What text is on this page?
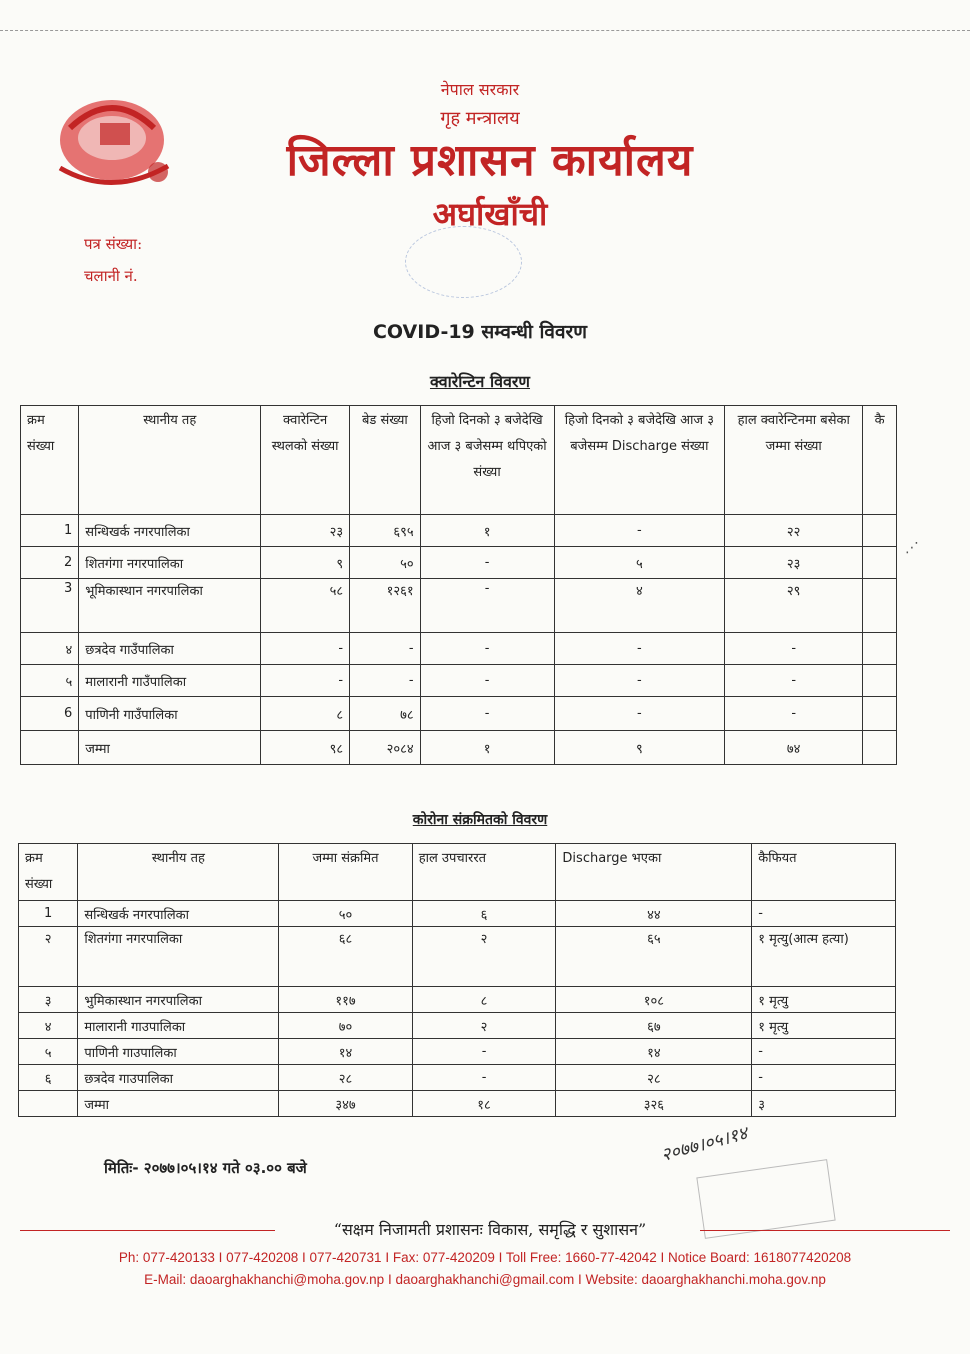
नेपाल सरकार
गृह मन्त्रालय
जिल्ला प्रशासन कार्यालय
अर्घाखाँची
पत्र संख्या:
चलानी नं.
COVID-19 सम्वन्धी विवरण
क्वारेन्टिन विवरण
क्रम संख्या	स्थानीय तह	क्वारेन्टिन स्थलको संख्या	बेड संख्या	हिजो दिनको ३ बजेदेखि आज ३ बजेसम्म थपिएको संख्या	हिजो दिनको ३ बजेदेखि आज ३ बजेसम्म Discharge संख्या	हाल क्वारेन्टिनमा बसेका जम्मा संख्या	कै
1	सन्धिखर्क नगरपालिका	२३	६९५	१	-	२२	
2	शितगंगा नगरपालिका	९	५०	-	५	२३	
3	भूमिकास्थान नगरपालिका	५८	१२६१	-	४	२९	
४	छत्रदेव गाउँपालिका	-	-	-	-	-	
५	मालारानी गाउँपालिका	-	-	-	-	-	
6	पाणिनी गाउँपालिका	८	७८	-	-	-	
	जम्मा	९८	२०८४	१	९	७४	
⋰
कोरोना संक्रमितको विवरण
क्रम संख्या	स्थानीय तह	जम्मा संक्रमित	हाल उपचाररत	Discharge भएका	कैफियत
1	सन्धिखर्क नगरपालिका	५०	६	४४	-
२	शितगंगा नगरपालिका	६८	२	६५	१ मृत्यु(आत्म हत्या)
३	भुमिकास्थान नगरपालिका	११७	८	१०८	१ मृत्यु
४	मालारानी गाउपालिका	७०	२	६७	१ मृत्यु
५	पाणिनी गाउपालिका	१४	-	१४	-
६	छत्रदेव गाउपालिका	२८	-	२८	-
	जम्मा	३४७	१८	३२६	३
मितिः- २०७७।०५।१४ गते ०३.०० बजे
२०७७।०५।१४
“सक्षम निजामती प्रशासनः विकास, समृद्धि र सुशासन”
Ph: 077-420133 I 077-420208 I 077-420731 I Fax: 077-420209 I Toll Free: 1660-77-42042 I Notice Board: 1618077420208
E-Mail: daoarghakhanchi@moha.gov.np I daoarghakhanchi@gmail.com I Website: daoarghakhanchi.moha.gov.np
